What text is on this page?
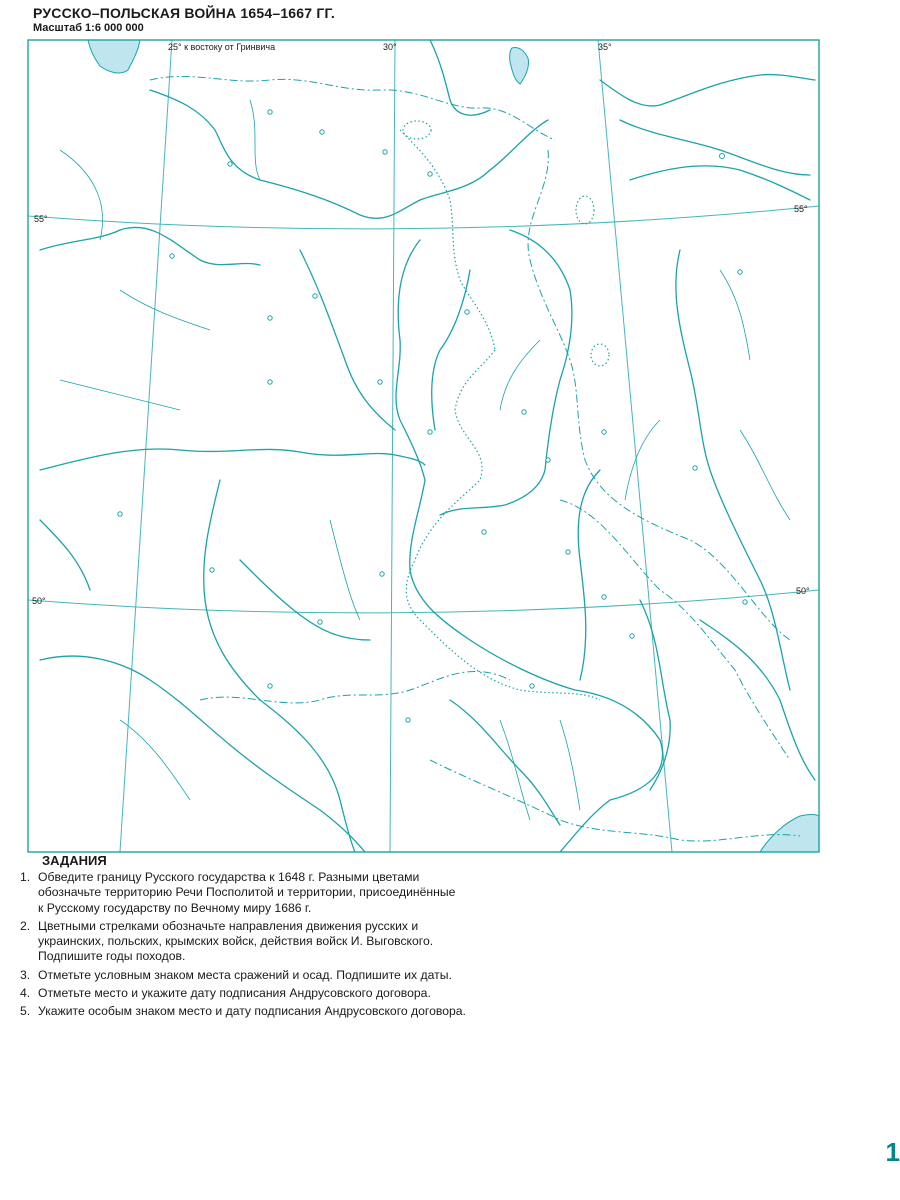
РУССКО–ПОЛЬСКАЯ ВОЙНА 1654–1667 ГГ.
Масштаб 1:6 000 000
25° к востоку от Гринвича	30°	35°
55°
55°
50°
50°
ЗАДАНИЯ
1. Обведите границу Русского государства к 1648 г. Разными цветами
обозначьте территорию Речи Посполитой и территории, присоединённые
к Русскому государству по Вечному миру 1686 г.
2. Цветными стрелками обозначьте направления движения русских и
украинских, польских, крымских войск, действия войск И. Выговского.
Подпишите годы походов.
3. Отметьте условным знаком места сражений и осад. Подпишите их даты.
4. Отметьте место и укажите дату подписания Андрусовского договора.
5. Укажите особым знаком место и дату подписания Андрусовского договора.
1
